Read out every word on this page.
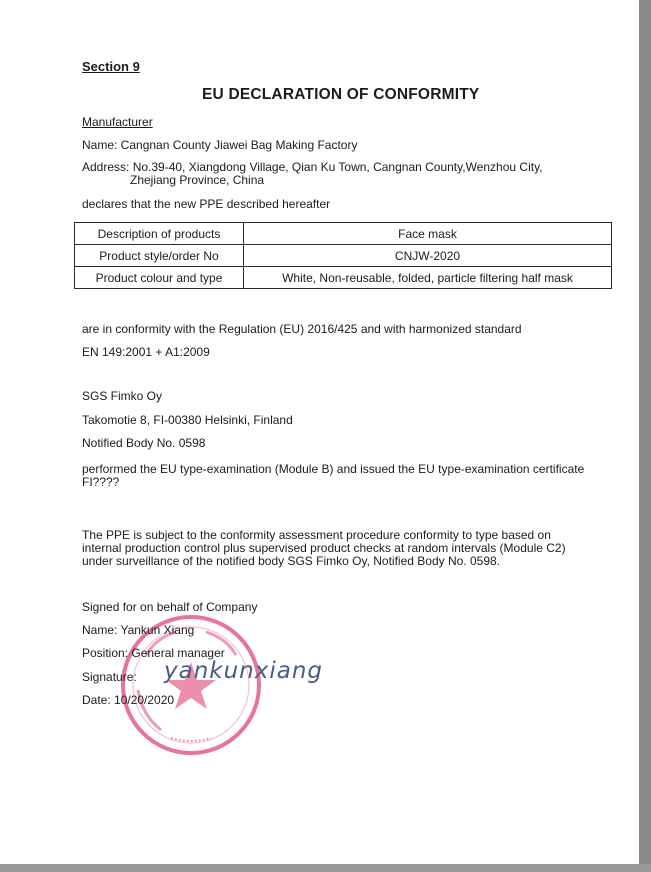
Section 9
EU DECLARATION OF CONFORMITY
Manufacturer
Name: Cangnan County Jiawei Bag Making Factory
Address: No.39-40, Xiangdong Village, Qian Ku Town, Cangnan County,Wenzhou City,
Zhejiang Province, China
declares that the new PPE described hereafter
Description of products	Face mask
Product style/order No	CNJW-2020
Product colour and type	White, Non-reusable, folded, particle filtering half mask
are in conformity with the Regulation (EU) 2016/425 and with harmonized standard
EN 149:2001 + A1:2009
SGS Fimko Oy
Takomotie 8, FI-00380 Helsinki, Finland
Notified Body No. 0598
performed the EU type-examination (Module B) and issued the EU type-examination certificate
FI????
The PPE is subject to the conformity assessment procedure conformity to type based on
internal production control plus supervised product checks at random intervals (Module C2)
under surveillance of the notified body SGS Fimko Oy, Notified Body No. 0598.
Signed for on behalf of Company
Name: Yankun Xiang
Position: General manager
Signature: yankunxiang
Date: 10/20/2020
